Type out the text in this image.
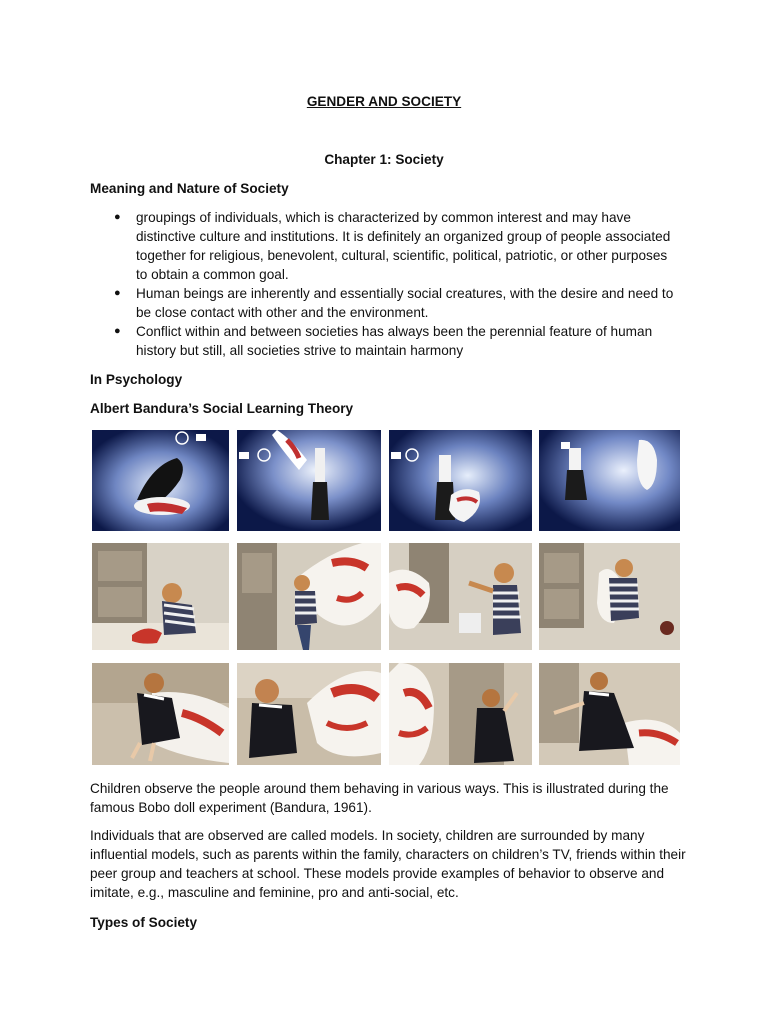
GENDER AND SOCIETY
Chapter 1: Society
Meaning and Nature of Society
● groupings of individuals, which is characterized by common interest and may have distinctive culture and institutions. It is definitely an organized group of people associated together for religious, benevolent, cultural, scientific, political, patriotic, or other purposes to obtain a common goal.
● Human beings are inherently and essentially social creatures, with the desire and need to be close contact with other and the environment.
● Conflict within and between societies has always been the perennial feature of human history but still, all societies strive to maintain harmony
In Psychology
Albert Bandura’s Social Learning Theory

Children observe the people around them behaving in various ways. This is illustrated during the famous Bobo doll experiment (Bandura, 1961).

Individuals that are observed are called models. In society, children are surrounded by many influential models, such as parents within the family, characters on children’s TV, friends within their peer group and teachers at school. These models provide examples of behavior to observe and imitate, e.g., masculine and feminine, pro and anti-social, etc.

Types of Society
